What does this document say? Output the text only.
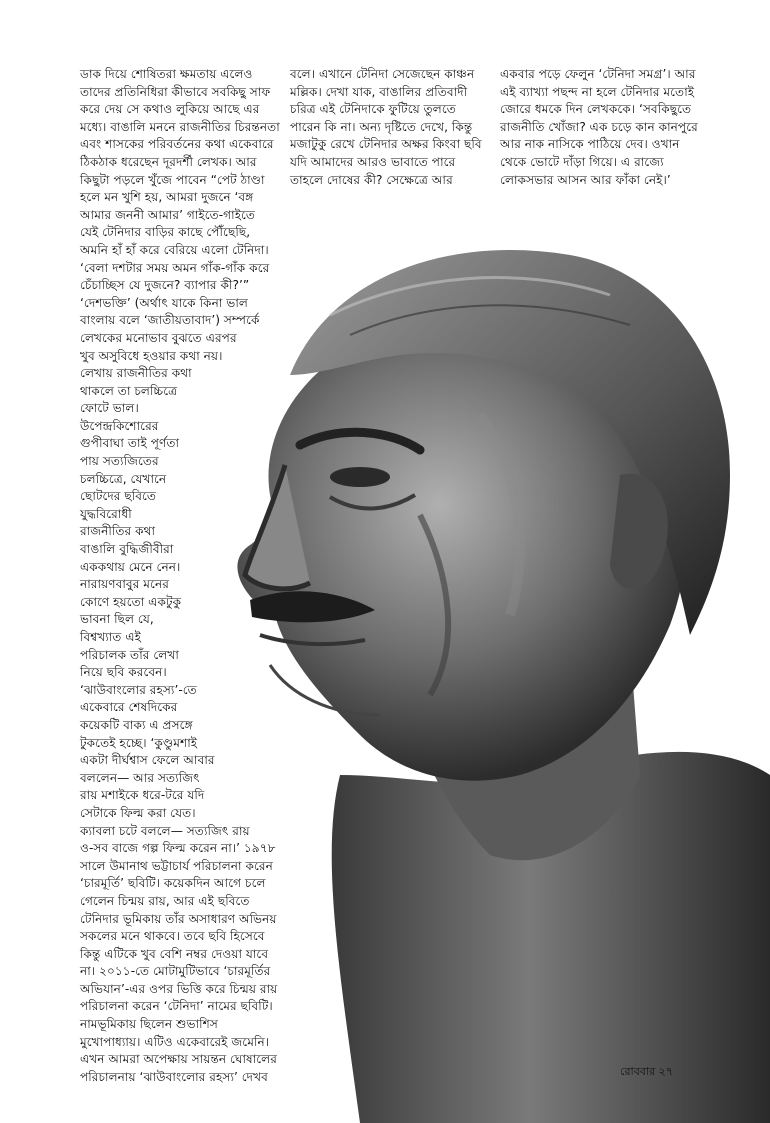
ডাক দিয়ে শোষিতরা ক্ষমতায় এলেও
তাদের প্রতিনিধিরা কীভাবে সবকিছু সাফ
করে দেয় সে কথাও লুকিয়ে আছে এর
মধ্যে। বাঙালি মননে রাজনীতির চিরন্তনতা
এবং শাসকের পরিবর্তনের কথা একেবারে
ঠিকঠাক ধরেছেন দূরদর্শী লেখক। আর
কিছুটা পড়লে খুঁজে পাবেন “পেট ঠাণ্ডা
হলে মন খুশি হয়, আমরা দুজনে ‘বঙ্গ
আমার জননী আমার’ গাইতে-গাইতে
যেই টেনিদার বাড়ির কাছে পৌঁছেছি,
অমনি হাঁ হাঁ করে বেরিয়ে এলো টেনিদা।
‘বেলা দশটার সময় অমন গাঁক-গাঁক করে
চেঁচাচ্ছিস যে দুজনে? ব্যাপার কী?’”
‘দেশভক্তি’ (অর্থাৎ যাকে কিনা ভাল
বাংলায় বলে ‘জাতীয়তাবাদ’) সম্পর্কে
লেখকের মনোভাব বুঝতে এরপর
খুব অসুবিধে হওয়ার কথা নয়।
লেখায় রাজনীতির কথা
থাকলে তা চলচ্চিত্রে
ফোটে ভাল।
উপেন্দ্রকিশোরের
গুপীবাঘা তাই পূর্ণতা
পায় সত্যজিতের
চলচ্চিত্রে, যেখানে
ছোটদের ছবিতে
যুদ্ধবিরোধী
রাজনীতির কথা
বাঙালি বুদ্ধিজীবীরা
এককথায় মেনে নেন।
নারায়ণবাবুর মনের
কোণে হয়তো একটুকু
ভাবনা ছিল যে,
বিশ্বখ্যাত এই
পরিচালক তাঁর লেখা
নিয়ে ছবি করবেন।
‘ঝাউবাংলোর রহস্য’-তে
একেবারে শেষদিকের
কয়েকটি বাক্য এ প্রসঙ্গে
টুকতেই হচ্ছে। ‘কুণ্ডুমশাই
একটা দীর্ঘশ্বাস ফেলে আবার
বললেন— আর সত্যজিৎ
রায় মশাইকে ধরে-টরে যদি
সেটাকে ফিল্ম করা যেত।
ক্যাবলা চটে বললে— সত্যজিৎ রায়
ও-সব বাজে গল্প ফিল্ম করেন না।’ ১৯৭৮
সালে উমানাথ ভট্টাচার্য পরিচালনা করেন
‘চারমূর্তি’ ছবিটি। কয়েকদিন আগে চলে
গেলেন চিন্ময় রায়, আর এই ছবিতে
টেনিদার ভূমিকায় তাঁর অসাধারণ অভিনয়
সকলের মনে থাকবে। তবে ছবি হিসেবে
কিন্তু এটিকে খুব বেশি নম্বর দেওয়া যাবে
না। ২০১১-তে মোটামুটিভাবে ‘চারমূর্তির
অভিযান’-এর ওপর ভিত্তি করে চিন্ময় রায়
পরিচালনা করেন ‘টেনিদা’ নামের ছবিটি।
নামভূমিকায় ছিলেন শুভাশিস
মুখোপাধ্যায়। এটিও একেবারেই জমেনি।
এখন আমরা অপেক্ষায় সায়ন্তন ঘোষালের
পরিচালনায় ‘ঝাউবাংলোর রহস্য’ দেখব
বলে। এখানে টেনিদা সেজেছেন কাঞ্চন
মল্লিক। দেখা যাক, বাঙালির প্রতিবাদী
চরিত্র এই টেনিদাকে ফুটিয়ে তুলতে
পারেন কি না। অন্য দৃষ্টিতে দেখে, কিন্তু
মজাটুকু রেখে টেনিদার অক্ষর কিংবা ছবি
যদি আমাদের আরও ভাবাতে পারে
তাহলে দোষের কী? সেক্ষেত্রে আর
একবার পড়ে ফেলুন ‘টেনিদা সমগ্র’। আর
এই ব্যাখ্যা পছন্দ না হলে টেনিদার মতোই
জোরে ধমকে দিন লেখককে। ‘সবকিছুতে
রাজনীতি খোঁজা? এক চড়ে কান কানপুরে
আর নাক নাসিকে পাঠিয়ে দেব। ওখান
থেকে ভোটে দাঁড়া গিয়ে। এ রাজ্যে
লোকসভার আসন আর ফাঁকা নেই।’
রোববার ২৭
